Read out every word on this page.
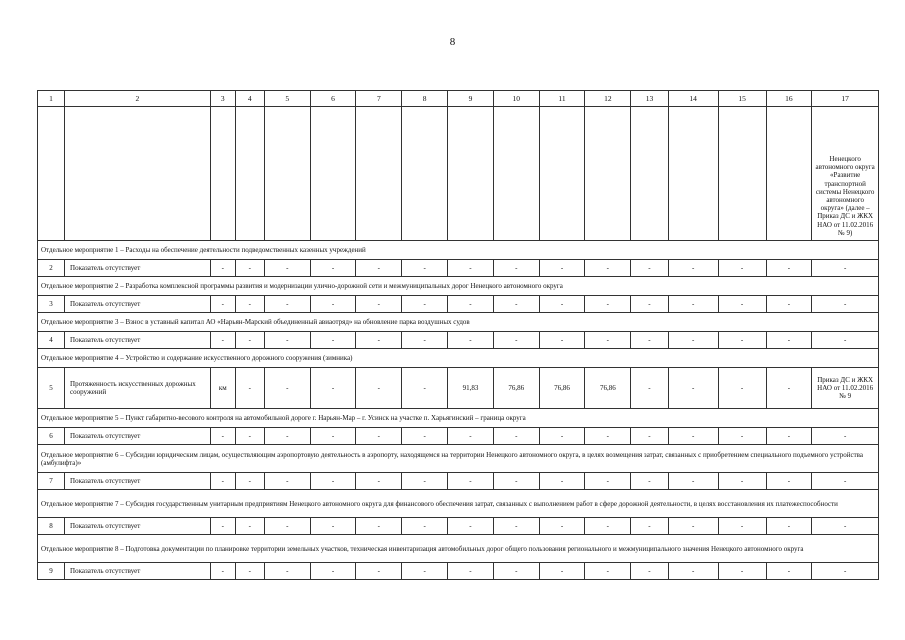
8
1	2	3	4	5	6	7	8	9	10	11	12	13	14	15	16	17
																Ненецкого автономного округа «Развитие транспортной системы Ненецкого автономного округа» (далее – Приказ ДС и ЖКХ НАО от 11.02.2016 № 9)
Отдельное мероприятие 1 – Расходы на обеспечение деятельности подведомственных казенных учреждений																
2	Показатель отсутствует	-	-	-	-	-	-	-	-	-	-	-	-	-	-	-
Отдельное мероприятие 2 – Разработка комплексной программы развития и модернизации улично-дорожной сети и межмуниципальных дорог Ненецкого автономного округа																
3	Показатель отсутствует	-	-	-	-	-	-	-	-	-	-	-	-	-	-	-
Отдельное мероприятие 3 – Взнос в уставный капитал АО «Нарьян-Марский объединенный авиаотряд» на обновление парка воздушных судов																
4	Показатель отсутствует	-	-	-	-	-	-	-	-	-	-	-	-	-	-	-
Отдельное мероприятие 4 – Устройство и содержание искусственного дорожного сооружения (зимника)																
5	Протяженность искусственных дорожных сооружений	км	-	-	-	-	-	91,83	76,86	76,86	76,86	-	-	-	-	Приказ ДС и ЖКХ НАО от 11.02.2016 № 9
Отдельное мероприятие 5 – Пункт габаритно-весового контроля на автомобильной дороге г. Нарьян-Мар – г. Усинск на участке п. Харьягинский – граница округа																
6	Показатель отсутствует	-	-	-	-	-	-	-	-	-	-	-	-	-	-	-
Отдельное мероприятие 6 – Субсидии юридическим лицам, осуществляющим аэропортовую деятельность в аэропорту, находящемся на территории Ненецкого автономного округа, в целях возмещения затрат, связанных с приобретением специального подъемного устройства (амбулифта)»																
7	Показатель отсутствует	-	-	-	-	-	-	-	-	-	-	-	-	-	-	-
Отдельное мероприятие 7 – Субсидия государственным унитарным предприятиям Ненецкого автономного округа для финансового обеспечения затрат, связанных с выполнением работ в сфере дорожной деятельности, в целях восстановления их платежеспособности																
8	Показатель отсутствует	-	-	-	-	-	-	-	-	-	-	-	-	-	-	-
Отдельное мероприятие 8 – Подготовка документации по планировке территории земельных участков, техническая инвентаризация автомобильных дорог общего пользования регионального и межмуниципального значения Ненецкого автономного округа																
9	Показатель отсутствует	-	-	-	-	-	-	-	-	-	-	-	-	-	-	-
